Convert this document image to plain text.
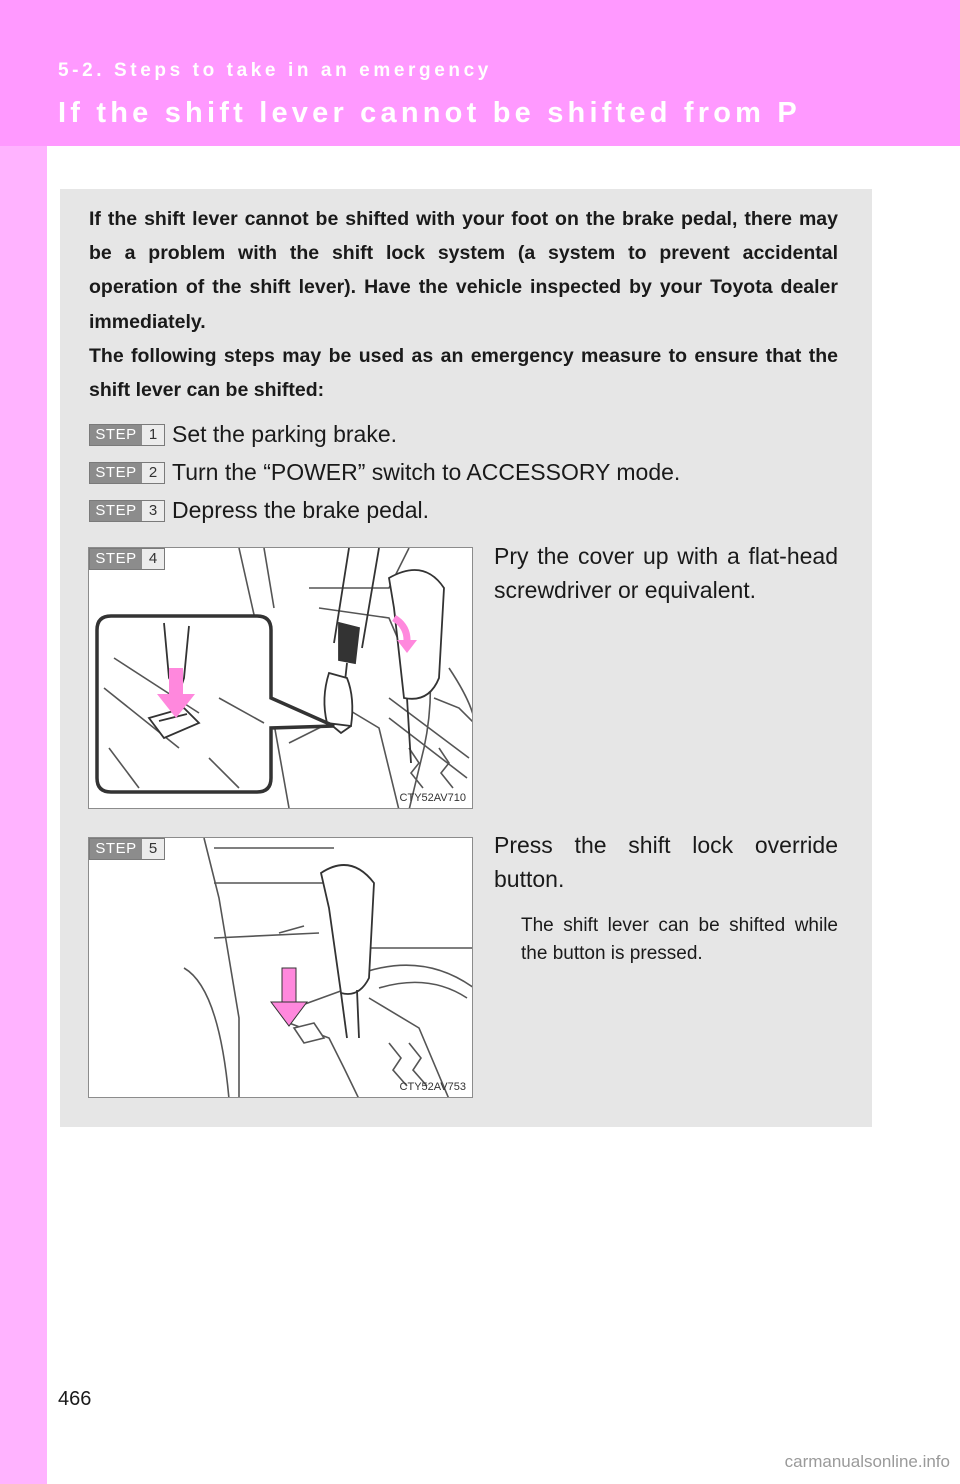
5-2. Steps to take in an emergency

If the shift lever cannot be shifted from P

If the shift lever cannot be shifted with your foot on the brake pedal, there may be a problem with the shift lock system (a system to prevent accidental operation of the shift lever). Have the vehicle inspected by your Toyota dealer immediately.

The following steps may be used as an emergency measure to ensure that the shift lever can be shifted:

STEP 1 Set the parking brake.

STEP 2 Turn the “POWER” switch to ACCESSORY mode.

STEP 3 Depress the brake pedal.

STEP 4
CTY52AV710

Pry the cover up with a flat-head screwdriver or equivalent.

STEP 5
CTY52AV753

Press the shift lock override button.

The shift lever can be shifted while the button is pressed.

466

carmanualsonline.info
